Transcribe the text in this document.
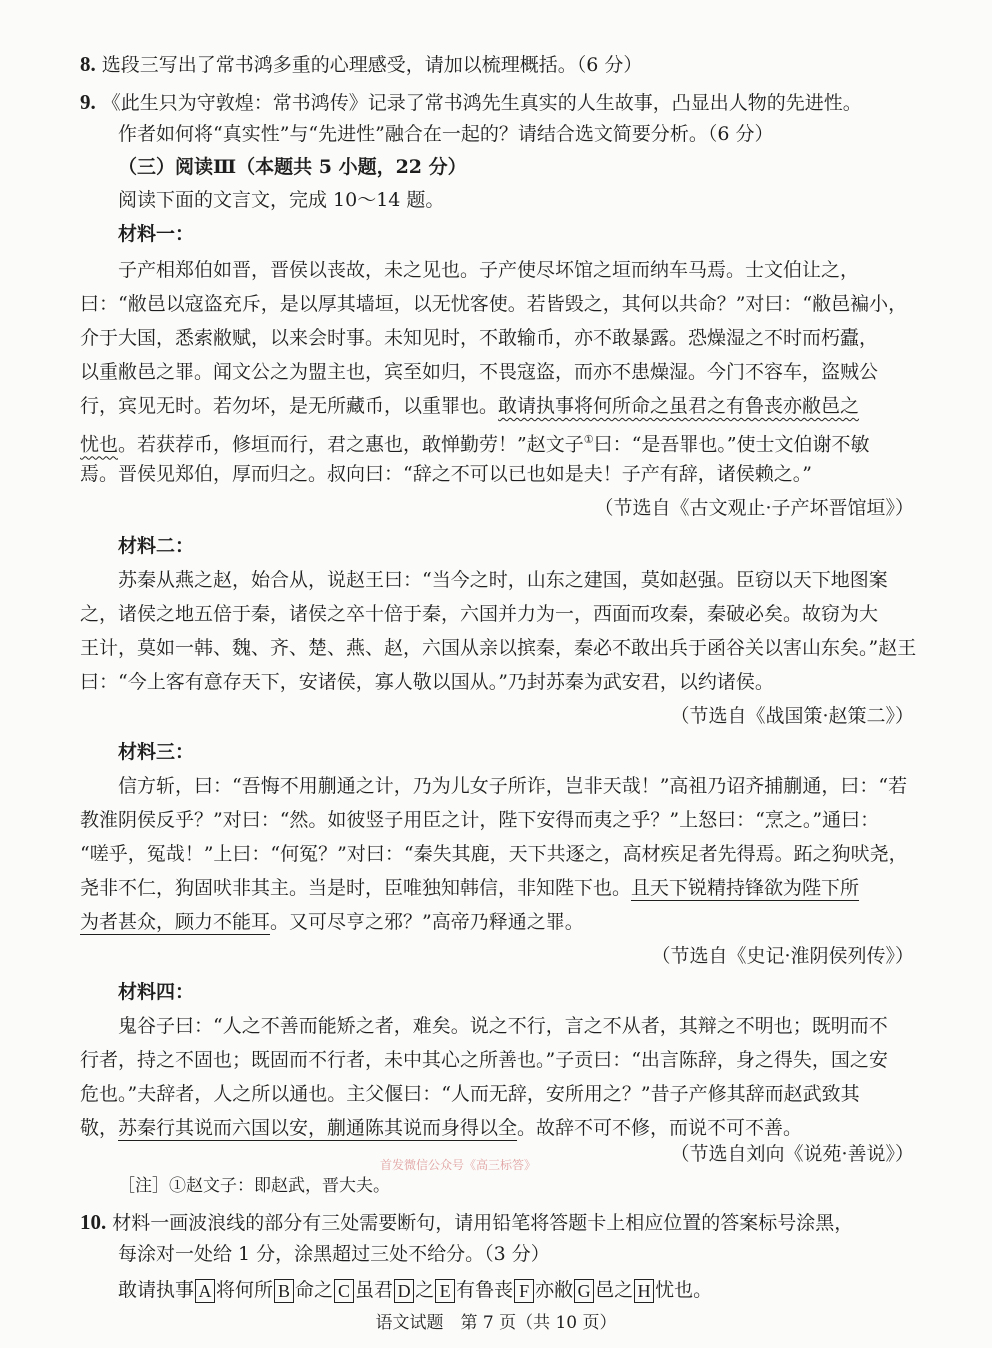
8. 选段三写出了常书鸿多重的心理感受，请加以梳理概括。（6 分）
9. 《此生只为守敦煌：常书鸿传》记录了常书鸿先生真实的人生故事，凸显出人物的先进性。
作者如何将“真实性”与“先进性”融合在一起的？请结合选文简要分析。（6 分）
（三）阅读Ⅲ（本题共 5 小题，22 分）
阅读下面的文言文，完成 10～14 题。
材料一：
子产相郑伯如晋，晋侯以丧故，未之见也。子产使尽坏馆之垣而纳车马焉。士文伯让之，
曰：“敝邑以寇盗充斥，是以厚其墙垣，以无忧客使。若皆毁之，其何以共命？”对曰：“敝邑褊小，
介于大国，悉索敝赋，以来会时事。未知见时，不敢输币，亦不敢暴露。恐燥湿之不时而朽蠹，
以重敝邑之罪。闻文公之为盟主也，宾至如归，不畏寇盗，而亦不患燥湿。今门不容车，盗贼公
行，宾见无时。若勿坏，是无所藏币，以重罪也。敢请执事将何所命之虽君之有鲁丧亦敝邑之
忧也。若获荐币，修垣而行，君之惠也，敢惮勤劳！”赵文子①曰：“是吾罪也。”使士文伯谢不敏
焉。晋侯见郑伯，厚而归之。叔向曰：“辞之不可以已也如是夫！子产有辞，诸侯赖之。”
（节选自《古文观止·子产坏晋馆垣》）
材料二：
苏秦从燕之赵，始合从，说赵王曰：“当今之时，山东之建国，莫如赵强。臣窃以天下地图案
之，诸侯之地五倍于秦，诸侯之卒十倍于秦，六国并力为一，西面而攻秦，秦破必矣。故窃为大
王计，莫如一韩、魏、齐、楚、燕、赵，六国从亲以摈秦，秦必不敢出兵于函谷关以害山东矣。”赵王
曰：“今上客有意存天下，安诸侯，寡人敬以国从。”乃封苏秦为武安君，以约诸侯。
（节选自《战国策·赵策二》）
材料三：
信方斩，曰：“吾悔不用蒯通之计，乃为儿女子所诈，岂非天哉！”高祖乃诏齐捕蒯通，曰：“若
教淮阴侯反乎？”对曰：“然。如彼竖子用臣之计，陛下安得而夷之乎？”上怒曰：“烹之。”通曰：
“嗟乎，冤哉！”上曰：“何冤？”对曰：“秦失其鹿，天下共逐之，高材疾足者先得焉。跖之狗吠尧，
尧非不仁，狗固吠非其主。当是时，臣唯独知韩信，非知陛下也。且天下锐精持锋欲为陛下所
为者甚众，顾力不能耳。又可尽亨之邪？”高帝乃释通之罪。
（节选自《史记·淮阴侯列传》）
材料四：
鬼谷子曰：“人之不善而能矫之者，难矣。说之不行，言之不从者，其辩之不明也；既明而不
行者，持之不固也；既固而不行者，未中其心之所善也。”子贡曰：“出言陈辞，身之得失，国之安
危也。”夫辞者，人之所以通也。主父偃曰：“人而无辞，安所用之？”昔子产修其辞而赵武致其
敬，苏秦行其说而六国以安，蒯通陈其说而身得以全。故辞不可不修，而说不可不善。
（节选自刘向《说苑·善说》）
首发微信公众号《高三标答》
［注］①赵文子：即赵武，晋大夫。
10. 材料一画波浪线的部分有三处需要断句，请用铅笔将答题卡上相应位置的答案标号涂黑，
每涂对一处给 1 分，涂黑超过三处不给分。（3 分）
敢请执事 A 将何所 B 命之 C 虽君 D 之 E 有鲁丧 F 亦敝 G 邑之 H 忧也。
语文试题　第 7 页（共 10 页）
